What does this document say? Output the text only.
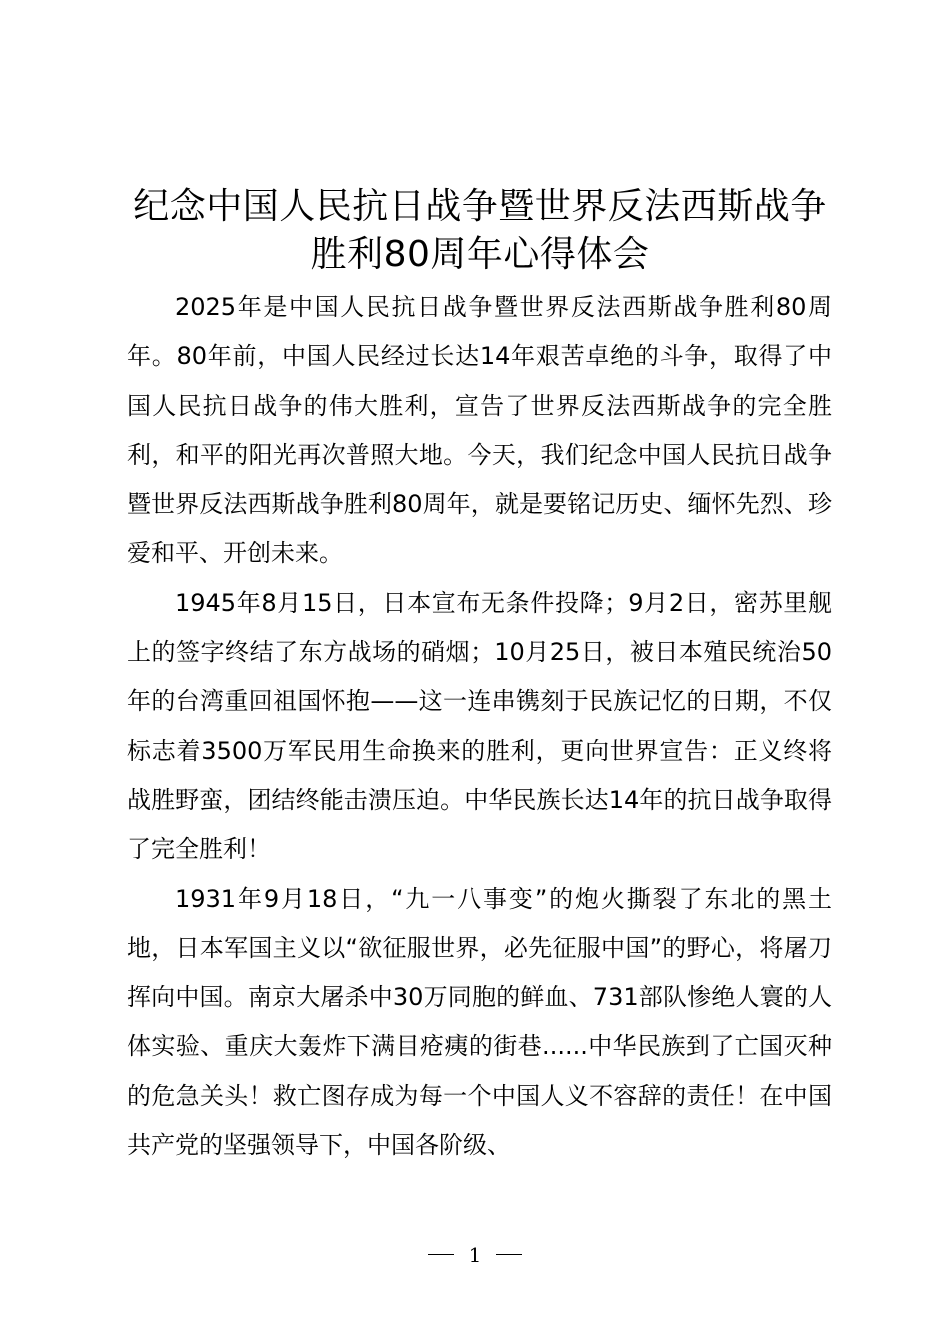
纪念中国人民抗日战争暨世界反法西斯战争胜利80周年心得体会

2025年是中国人民抗日战争暨世界反法西斯战争胜利80周年。80年前，中国人民经过长达14年艰苦卓绝的斗争，取得了中国人民抗日战争的伟大胜利，宣告了世界反法西斯战争的完全胜利，和平的阳光再次普照大地。今天，我们纪念中国人民抗日战争暨世界反法西斯战争胜利80周年，就是要铭记历史、缅怀先烈、珍爱和平、开创未来。

1945年8月15日，日本宣布无条件投降；9月2日，密苏里舰上的签字终结了东方战场的硝烟；10月25日，被日本殖民统治50年的台湾重回祖国怀抱——这一连串镌刻于民族记忆的日期，不仅标志着3500万军民用生命换来的胜利，更向世界宣告：正义终将战胜野蛮，团结终能击溃压迫。中华民族长达14年的抗日战争取得了完全胜利！

1931年9月18日，“九一八事变”的炮火撕裂了东北的黑土地，日本军国主义以“欲征服世界，必先征服中国”的野心，将屠刀挥向中国。南京大屠杀中30万同胞的鲜血、731部队惨绝人寰的人体实验、重庆大轰炸下满目疮痍的街巷......中华民族到了亡国灭种的危急关头！救亡图存成为每一个中国人义不容辞的责任！在中国共产党的坚强领导下，中国各阶级、

1
